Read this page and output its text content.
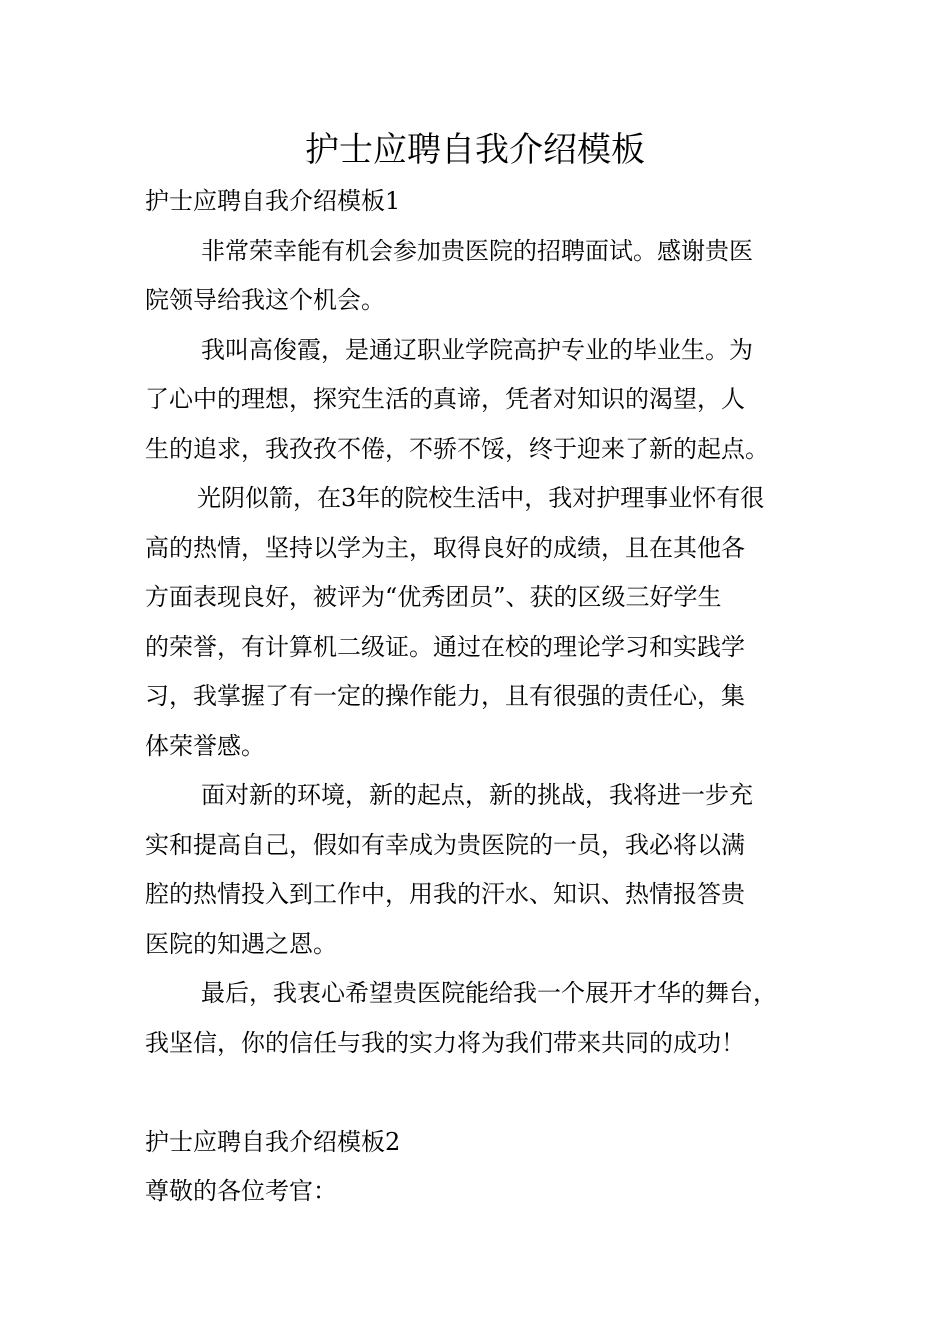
护士应聘自我介绍模板
护士应聘自我介绍模板1
非常荣幸能有机会参加贵医院的招聘面试。感谢贵医
院领导给我这个机会。
我叫高俊霞，是通辽职业学院高护专业的毕业生。为
了心中的理想，探究生活的真谛，凭者对知识的渴望，人
生的追求，我孜孜不倦，不骄不馁，终于迎来了新的起点。
光阴似箭，在3年的院校生活中，我对护理事业怀有很
高的热情，坚持以学为主，取得良好的成绩，且在其他各
方面表现良好，被评为“优秀团员”、获的区级三好学生
的荣誉，有计算机二级证。通过在校的理论学习和实践学
习，我掌握了有一定的操作能力，且有很强的责任心，集
体荣誉感。
面对新的环境，新的起点，新的挑战，我将进一步充
实和提高自己，假如有幸成为贵医院的一员，我必将以满
腔的热情投入到工作中，用我的汗水、知识、热情报答贵
医院的知遇之恩。
最后，我衷心希望贵医院能给我一个展开才华的舞台，
我坚信，你的信任与我的实力将为我们带来共同的成功！
护士应聘自我介绍模板2
尊敬的各位考官：
